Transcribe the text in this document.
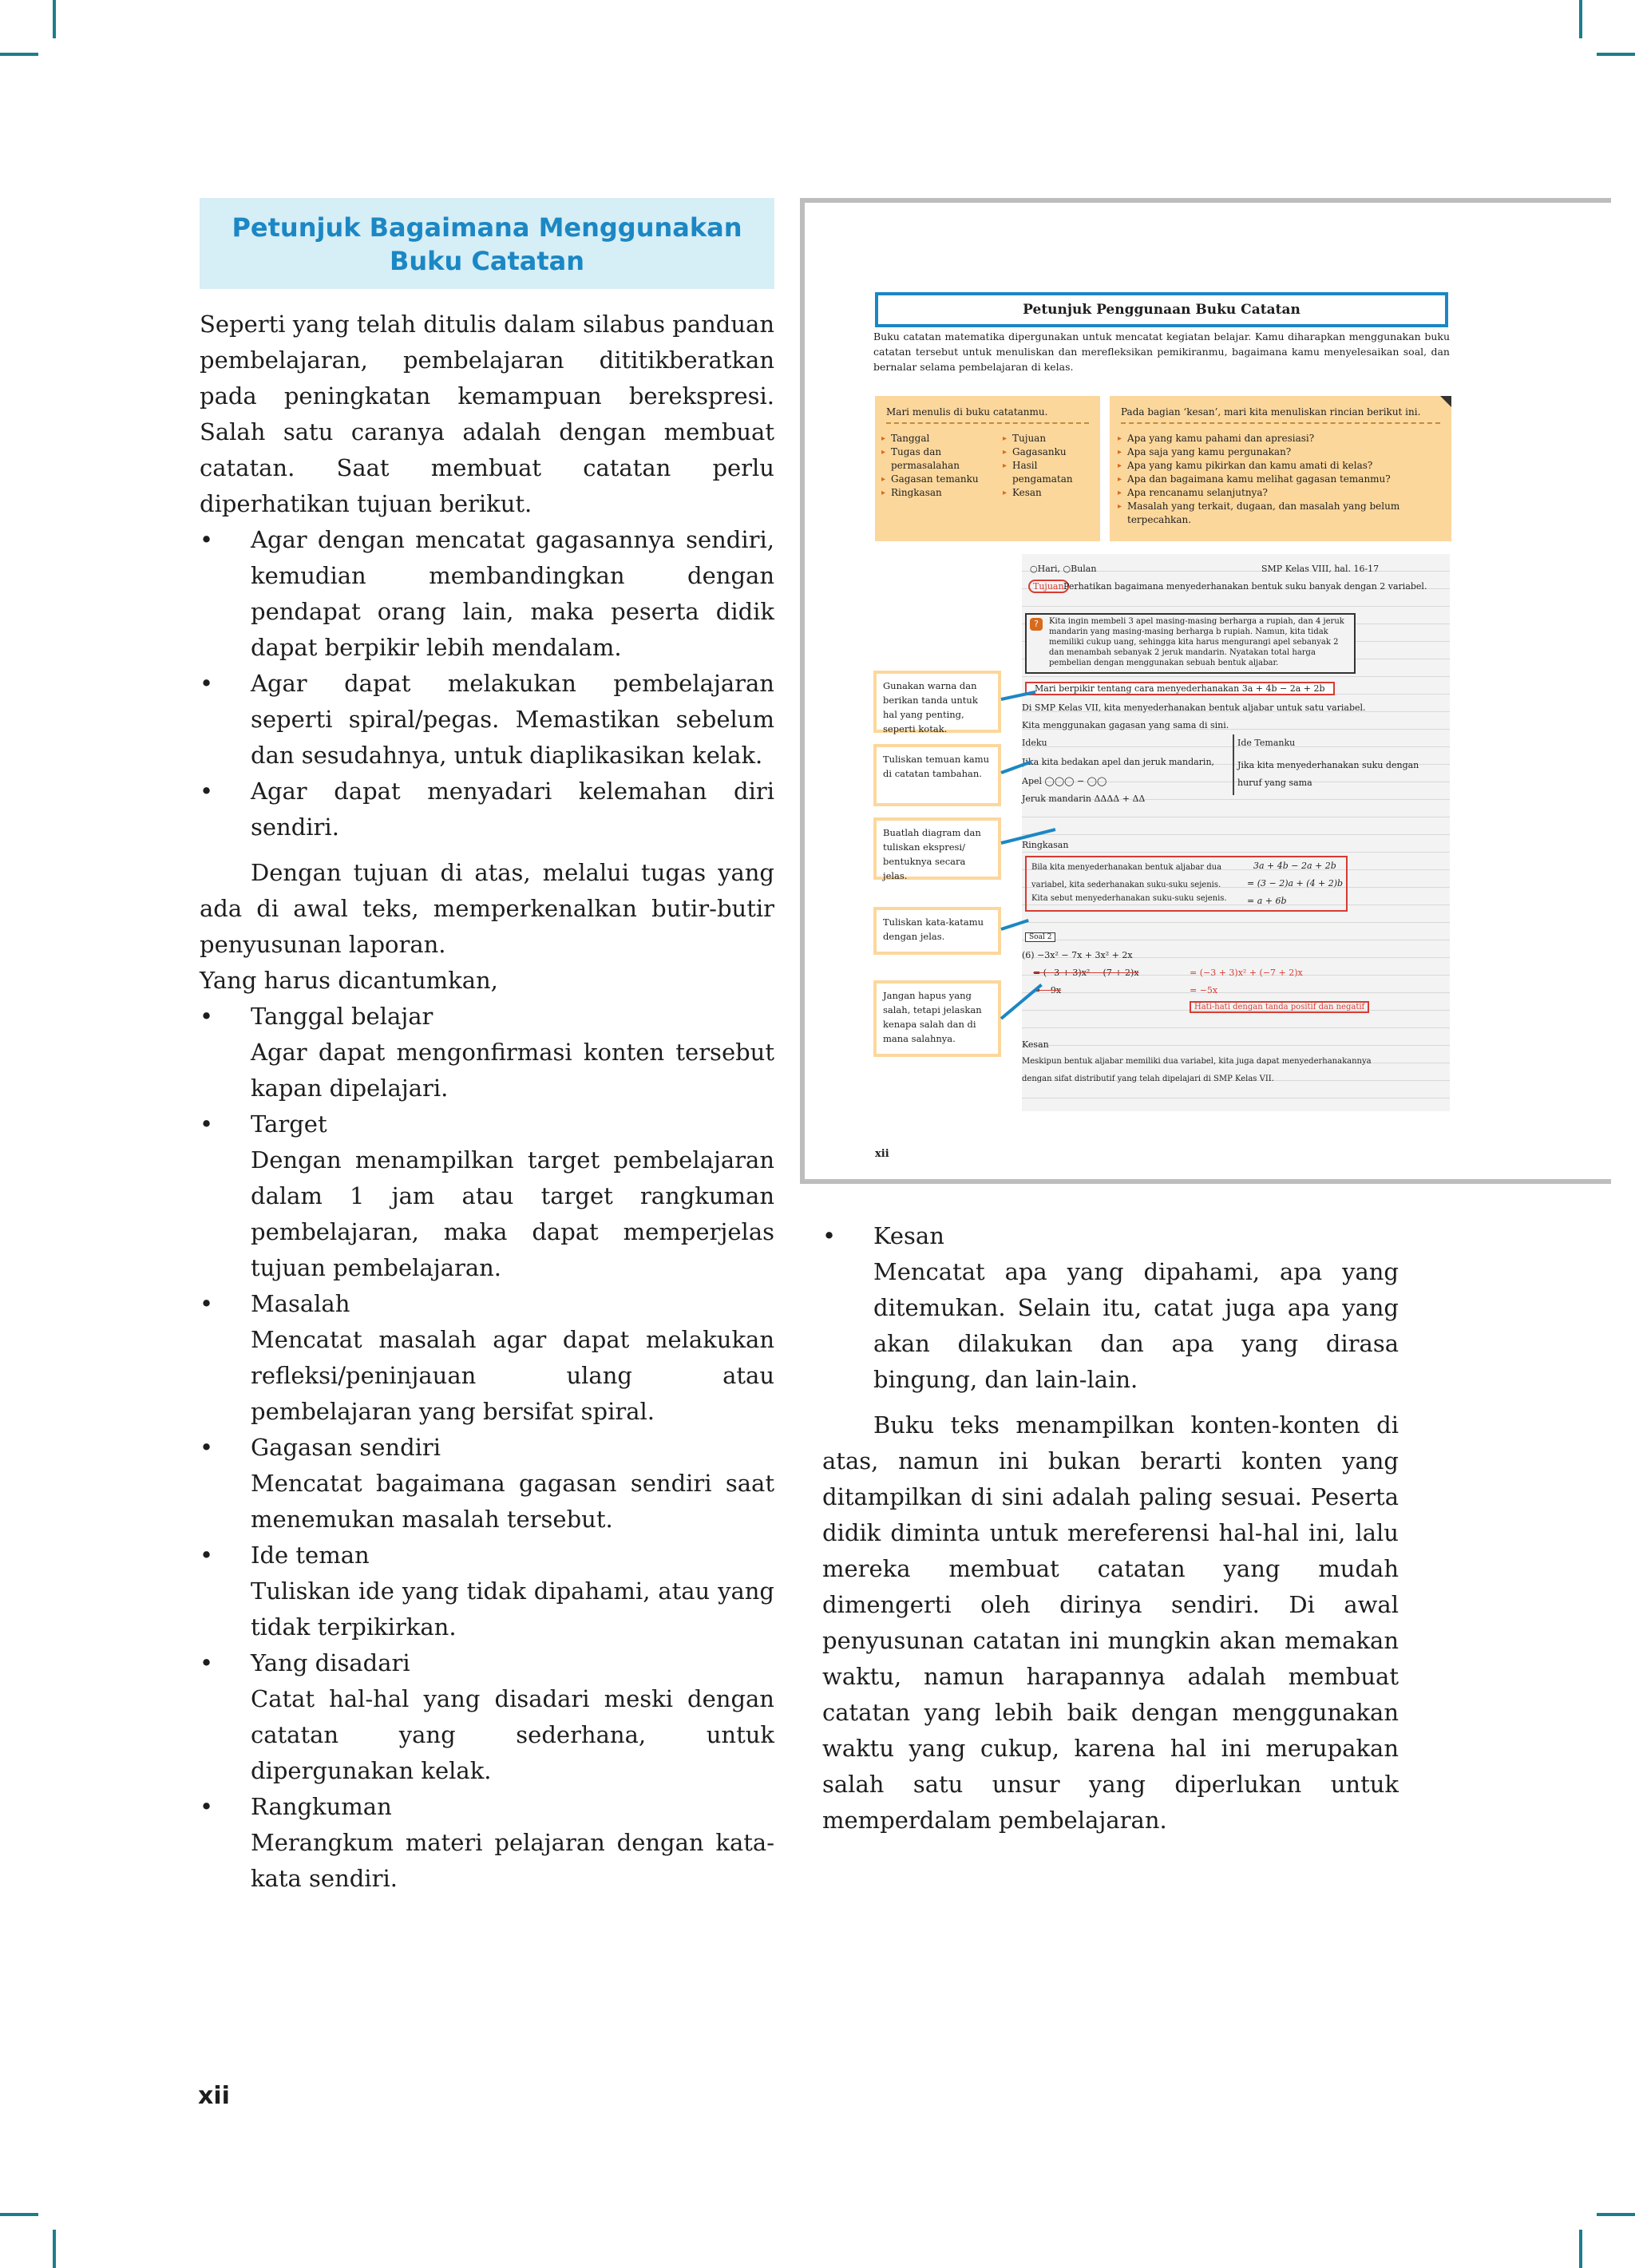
Petunjuk Bagaimana Menggunakan Buku Catatan

Seperti yang telah ditulis dalam silabus panduan pembelajaran, pembelajaran dititikberatkan pada peningkatan kemampuan berekspresi. Salah satu caranya adalah dengan membuat catatan. Saat membuat catatan perlu diperhatikan tujuan berikut.

• Agar dengan mencatat gagasannya sendiri, kemudian membandingkan dengan pendapat orang lain, maka peserta didik dapat berpikir lebih mendalam.
• Agar dapat melakukan pembelajaran seperti spiral/pegas. Memastikan sebelum dan sesudahnya, untuk diaplikasikan kelak.
• Agar dapat menyadari kelemahan diri sendiri.

Dengan tujuan di atas, melalui tugas yang ada di awal teks, memperkenalkan butir-butir penyusunan laporan.

Yang harus dicantumkan,

• Tanggal belajar
Agar dapat mengonfirmasi konten tersebut kapan dipelajari.
• Target
Dengan menampilkan target pembelajaran dalam 1 jam atau target rangkuman pembelajaran, maka dapat memperjelas tujuan pembelajaran.
• Masalah
Mencatat masalah agar dapat melakukan refleksi/peninjauan ulang atau pembelajaran yang bersifat spiral.
• Gagasan sendiri
Mencatat bagaimana gagasan sendiri saat menemukan masalah tersebut.
• Ide teman
Tuliskan ide yang tidak dipahami, atau yang tidak terpikirkan.
• Yang disadari
Catat hal-hal yang disadari meski dengan catatan yang sederhana, untuk dipergunakan kelak.
• Rangkuman
Merangkum materi pelajaran dengan kata-kata sendiri.
Petunjuk Penggunaan Buku Catatan
Buku catatan matematika dipergunakan untuk mencatat kegiatan belajar. Kamu diharapkan menggunakan buku catatan tersebut untuk menuliskan dan merefleksikan pemikiranmu, bagaimana kamu menyelesaikan soal, dan bernalar selama pembelajaran di kelas.
Mari menulis di buku catatanmu.
▸ Tanggal
▸ Tugas dan permasalahan
▸ Gagasan temanku
▸ Ringkasan
▸ Tujuan
▸ Gagasanku
▸ Hasil pengamatan
▸ Kesan
Pada bagian ‘kesan’, mari kita menuliskan rincian berikut ini.
▸ Apa yang kamu pahami dan apresiasi?
▸ Apa saja yang kamu pergunakan?
▸ Apa yang kamu pikirkan dan kamu amati di kelas?
▸ Apa dan bagaimana kamu melihat gagasan temanmu?
▸ Apa rencanamu selanjutnya?
▸ Masalah yang terkait, dugaan, dan masalah yang belum terpecahkan.
○Hari, ○Bulan	SMP Kelas VIII, hal. 16-17
Tujuan Perhatikan bagaimana menyederhanakan bentuk suku banyak dengan 2 variabel.
Kita ingin membeli 3 apel masing-masing berharga a rupiah, dan 4 jeruk mandarin yang masing-masing berharga b rupiah. Namun, kita tidak memiliki cukup uang, sehingga kita harus mengurangi apel sebanyak 2 dan menambah sebanyak 2 jeruk mandarin. Nyatakan total harga pembelian dengan menggunakan sebuah bentuk aljabar.
?
Mari berpikir tentang cara menyederhanakan 3a + 4b − 2a + 2b
Di SMP Kelas VII, kita menyederhanakan bentuk aljabar untuk satu variabel.
Kita menggunakan gagasan yang sama di sini.
Ideku	Ide Temanku
Jika kita bedakan apel dan jeruk mandarin,	Jika kita menyederhanakan suku dengan huruf yang sama
Apel ◯◯◯ − ◯◯
Jeruk mandarin ΔΔΔΔ + ΔΔ
Ringkasan
Bila kita menyederhanakan bentuk aljabar dua variabel, kita sederhanakan suku-suku sejenis.
3a + 4b − 2a + 2b
= (3 − 2)a + (4 + 2)b
Kita sebut menyederhanakan suku-suku sejenis. = a + 6b
Soal 2
(6) −3x² − 7x + 3x² + 2x
= (−3 + 3)x² − (7 + 2)x	= (−3 + 3)x² + (−7 + 2)x
= −9x	= −5x
Hati-hati dengan tanda positif dan negatif
Kesan
Meskipun bentuk aljabar memiliki dua variabel, kita juga dapat menyederhanakannya
dengan sifat distributif yang telah dipelajari di SMP Kelas VII.
Gunakan warna dan berikan tanda untuk hal yang penting, seperti kotak.
Tuliskan temuan kamu di catatan tambahan.
Buatlah diagram dan tuliskan ekspresi/ bentuknya secara jelas.
Tuliskan kata-katamu dengan jelas.
Jangan hapus yang salah, tetapi jelaskan kenapa salah dan di mana salahnya.
xii
• Kesan
Mencatat apa yang dipahami, apa yang ditemukan. Selain itu, catat juga apa yang akan dilakukan dan apa yang dirasa bingung, dan lain-lain.

Buku teks menampilkan konten-konten di atas, namun ini bukan berarti konten yang ditampilkan di sini adalah paling sesuai. Peserta didik diminta untuk mereferensi hal-hal ini, lalu mereka membuat catatan yang mudah dimengerti oleh dirinya sendiri. Di awal penyusunan catatan ini mungkin akan memakan waktu, namun harapannya adalah membuat catatan yang lebih baik dengan menggunakan waktu yang cukup, karena hal ini merupakan salah satu unsur yang diperlukan untuk memperdalam pembelajaran.

xii
